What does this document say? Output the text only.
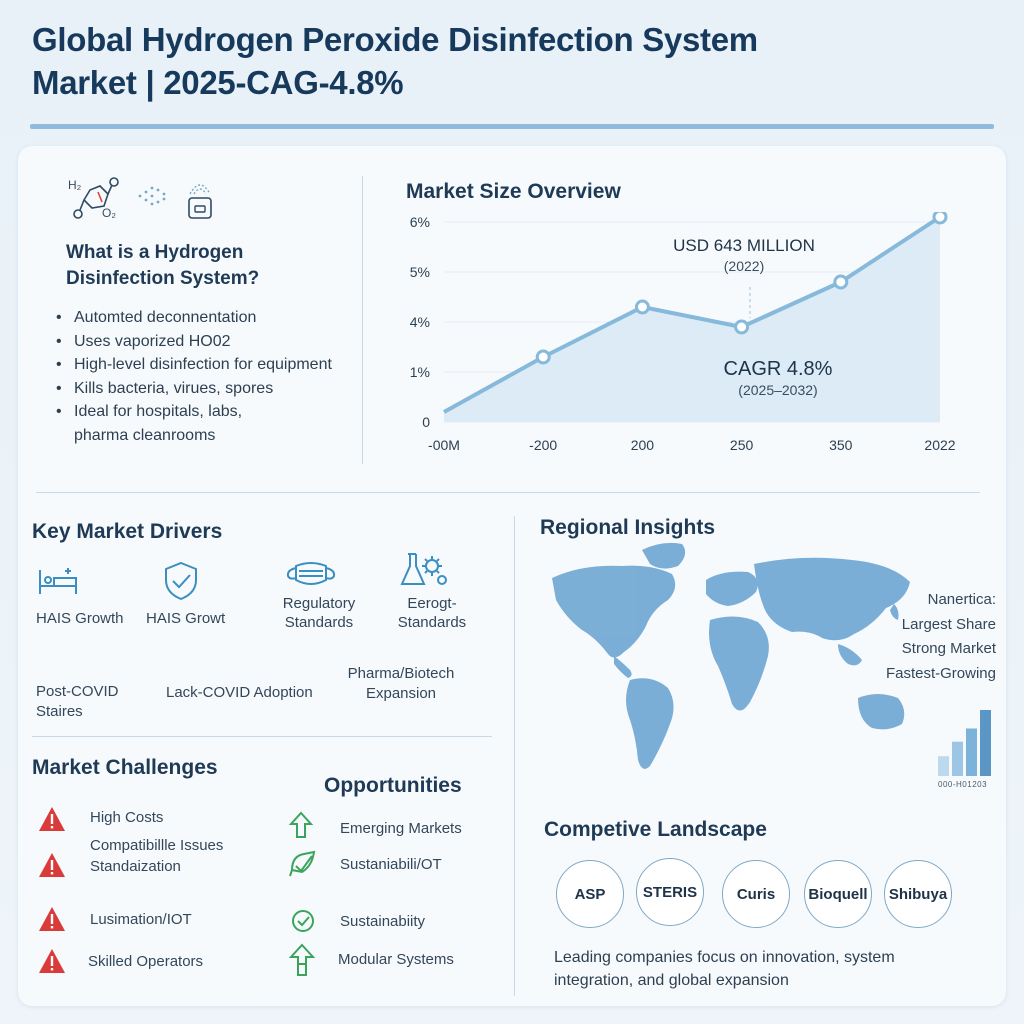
Global Hydrogen Peroxide Disinfection System
Market | 2025-CAG-4.8%
H₂
O₂
What is a Hydrogen Disinfection System?
• Automted deconnentation
• Uses vaporized HO02
• High-level disinfection for equipment
• Kills bacteria, virues, spores
• Ideal for hospitals, labs, pharma cleanrooms
Market Size Overview
0
1%
4%
5%
6%
-00M	-200	200	250	350	2022
USD 643 MILLION
(2022)
CAGR 4.8%
(2025–2032)
Key Market Drivers
HAIS Growth HAIS Growt
Regulatory Standards
Eerogt- Standards
Post-COVID Staires
Lack-COVID Adoption
Pharma/Biotech Expansion
Market Challenges
High Costs
Compatibillle Issues
Standaization
Lusimation/IOT
Skilled Operators
Opportunities
Emerging Markets
Sustaniabili/OT
Sustainabiity
Modular Systems
Regional Insights
Nanertica:
Largest Share
Strong Market
Fastest-Growing
000-H01203
Competive Landscape
ASP STERIS	Curis Bioquell Shibuya
Leading companies focus on innovation, system integration, and global expansion
